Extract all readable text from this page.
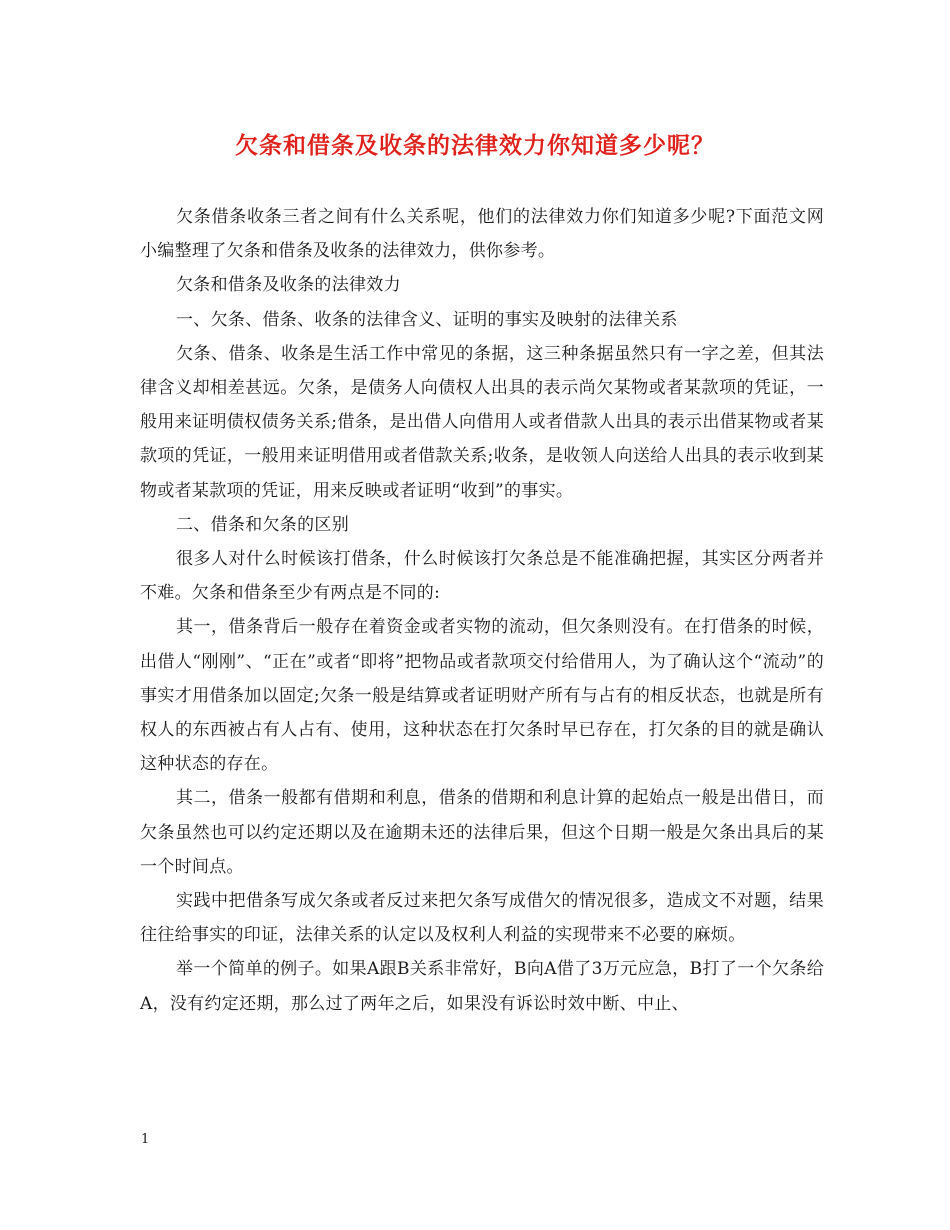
欠条和借条及收条的法律效力你知道多少呢？

欠条借条收条三者之间有什么关系呢，他们的法律效力你们知道多少呢?下面范文网小编整理了欠条和借条及收条的法律效力，供你参考。

欠条和借条及收条的法律效力

一、欠条、借条、收条的法律含义、证明的事实及映射的法律关系

欠条、借条、收条是生活工作中常见的条据，这三种条据虽然只有一字之差，但其法律含义却相差甚远。欠条，是债务人向债权人出具的表示尚欠某物或者某款项的凭证，一般用来证明债权债务关系;借条，是出借人向借用人或者借款人出具的表示出借某物或者某款项的凭证，一般用来证明借用或者借款关系;收条，是收领人向送给人出具的表示收到某物或者某款项的凭证，用来反映或者证明“收到”的事实。

二、借条和欠条的区别

很多人对什么时候该打借条，什么时候该打欠条总是不能准确把握，其实区分两者并不难。欠条和借条至少有两点是不同的:

其一，借条背后一般存在着资金或者实物的流动，但欠条则没有。在打借条的时候，出借人“刚刚”、“正在”或者“即将”把物品或者款项交付给借用人，为了确认这个“流动”的事实才用借条加以固定;欠条一般是结算或者证明财产所有与占有的相反状态，也就是所有权人的东西被占有人占有、使用，这种状态在打欠条时早已存在，打欠条的目的就是确认这种状态的存在。

其二，借条一般都有借期和利息，借条的借期和利息计算的起始点一般是出借日，而欠条虽然也可以约定还期以及在逾期未还的法律后果，但这个日期一般是欠条出具后的某一个时间点。

实践中把借条写成欠条或者反过来把欠条写成借欠的情况很多，造成文不对题，结果往往给事实的印证，法律关系的认定以及权利人利益的实现带来不必要的麻烦。

举一个简单的例子。如果A跟B关系非常好，B向A借了3万元应急，B打了一个欠条给A，没有约定还期，那么过了两年之后，如果没有诉讼时效中断、中止、

1
